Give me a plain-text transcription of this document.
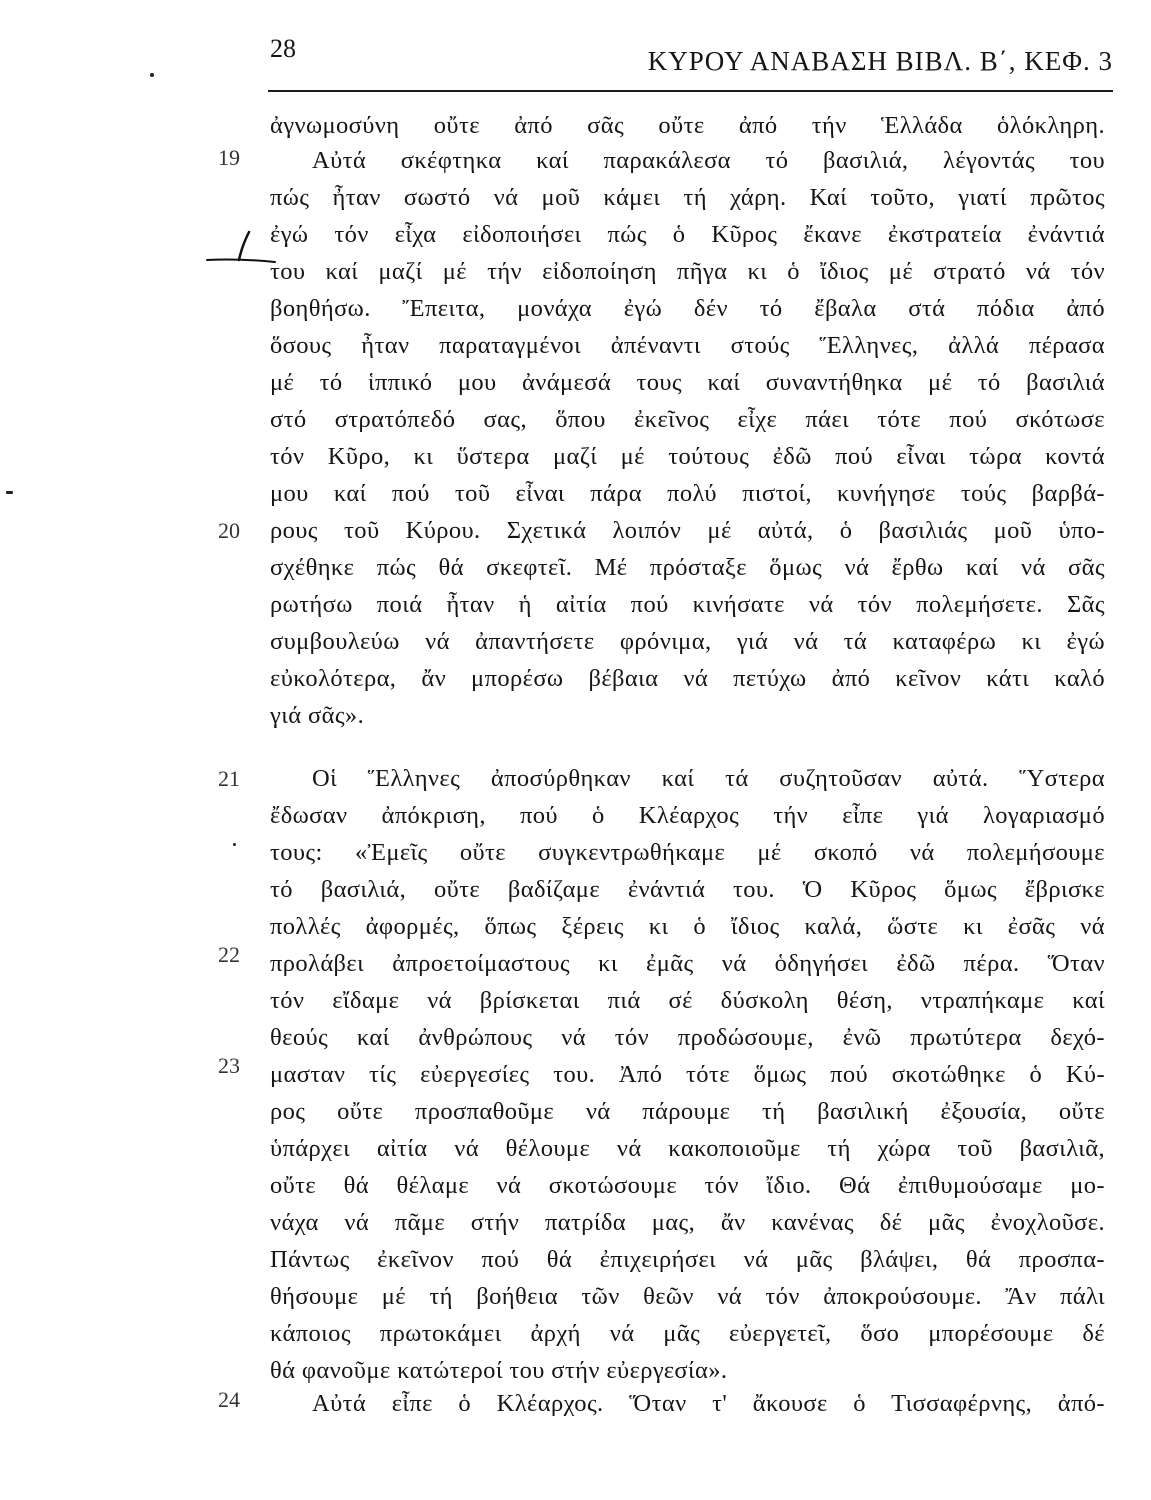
28	ΚΥΡΟΥ ΑΝΑΒΑΣΗ ΒΙΒΛ. Β΄, ΚΕΦ. 3
19
20
21
22
23
24
ἀγνωμοσύνη οὔτε ἀπό σᾶς οὔτε ἀπό τήν Ἑλλάδα ὁλόκληρη.
Αὐτά σκέφτηκα καί παρακάλεσα τό βασιλιά, λέγοντάς του
πώς ἦταν σωστό νά μοῦ κάμει τή χάρη. Καί τοῦτο, γιατί πρῶτος
ἐγώ τόν εἶχα εἰδοποιήσει πώς ὁ Κῦρος ἔκανε ἐκστρατεία ἐνάντιά
του καί μαζί μέ τήν εἰδοποίηση πῆγα κι ὁ ἴδιος μέ στρατό νά τόν
βοηθήσω. Ἔπειτα, μονάχα ἐγώ δέν τό ἔβαλα στά πόδια ἀπό
ὅσους ἦταν παραταγμένοι ἀπέναντι στούς Ἕλληνες, ἀλλά πέρασα
μέ τό ἱππικό μου ἀνάμεσά τους καί συναντήθηκα μέ τό βασιλιά
στό στρατόπεδό σας, ὅπου ἐκεῖνος εἶχε πάει τότε πού σκότωσε
τόν Κῦρο, κι ὕστερα μαζί μέ τούτους ἐδῶ πού εἶναι τώρα κοντά
μου καί πού τοῦ εἶναι πάρα πολύ πιστοί, κυνήγησε τούς βαρβά-
ρους τοῦ Κύρου. Σχετικά λοιπόν μέ αὐτά, ὁ βασιλιάς μοῦ ὑπο-
σχέθηκε πώς θά σκεφτεῖ. Μέ πρόσταξε ὅμως νά ἔρθω καί νά σᾶς
ρωτήσω ποιά ἦταν ἡ αἰτία πού κινήσατε νά τόν πολεμήσετε. Σᾶς
συμβουλεύω νά ἀπαντήσετε φρόνιμα, γιά νά τά καταφέρω κι ἐγώ
εὐκολότερα, ἄν μπορέσω βέβαια νά πετύχω ἀπό κεῖνον κάτι καλό
γιά σᾶς».
Οἱ Ἕλληνες ἀποσύρθηκαν καί τά συζητοῦσαν αὐτά. Ὕστερα
ἔδωσαν ἀπόκριση, πού ὁ Κλέαρχος τήν εἶπε γιά λογαριασμό
τους: «Ἐμεῖς οὔτε συγκεντρωθήκαμε μέ σκοπό νά πολεμήσουμε
τό βασιλιά, οὔτε βαδίζαμε ἐνάντιά του. Ὁ Κῦρος ὅμως ἔβρισκε
πολλές ἀφορμές, ὅπως ξέρεις κι ὁ ἴδιος καλά, ὥστε κι ἐσᾶς νά
προλάβει ἀπροετοίμαστους κι ἐμᾶς νά ὁδηγήσει ἐδῶ πέρα. Ὅταν
τόν εἴδαμε νά βρίσκεται πιά σέ δύσκολη θέση, ντραπήκαμε καί
θεούς καί ἀνθρώπους νά τόν προδώσουμε, ἐνῶ πρωτύτερα δεχό-
μασταν τίς εὐεργεσίες του. Ἀπό τότε ὅμως πού σκοτώθηκε ὁ Κύ-
ρος οὔτε προσπαθοῦμε νά πάρουμε τή βασιλική ἐξουσία, οὔτε
ὑπάρχει αἰτία νά θέλουμε νά κακοποιοῦμε τή χώρα τοῦ βασιλιᾶ,
οὔτε θά θέλαμε νά σκοτώσουμε τόν ἴδιο. Θά ἐπιθυμούσαμε μο-
νάχα νά πᾶμε στήν πατρίδα μας, ἄν κανένας δέ μᾶς ἐνοχλοῦσε.
Πάντως ἐκεῖνον πού θά ἐπιχειρήσει νά μᾶς βλάψει, θά προσπα-
θήσουμε μέ τή βοήθεια τῶν θεῶν νά τόν ἀποκρούσουμε. Ἄν πάλι
κάποιος πρωτοκάμει ἀρχή νά μᾶς εὐεργετεῖ, ὅσο μπορέσουμε δέ
θά φανοῦμε κατώτεροί του στήν εὐεργεσία».
Αὐτά εἶπε ὁ Κλέαρχος. Ὅταν τ' ἄκουσε ὁ Τισσαφέρνης, ἀπό-
